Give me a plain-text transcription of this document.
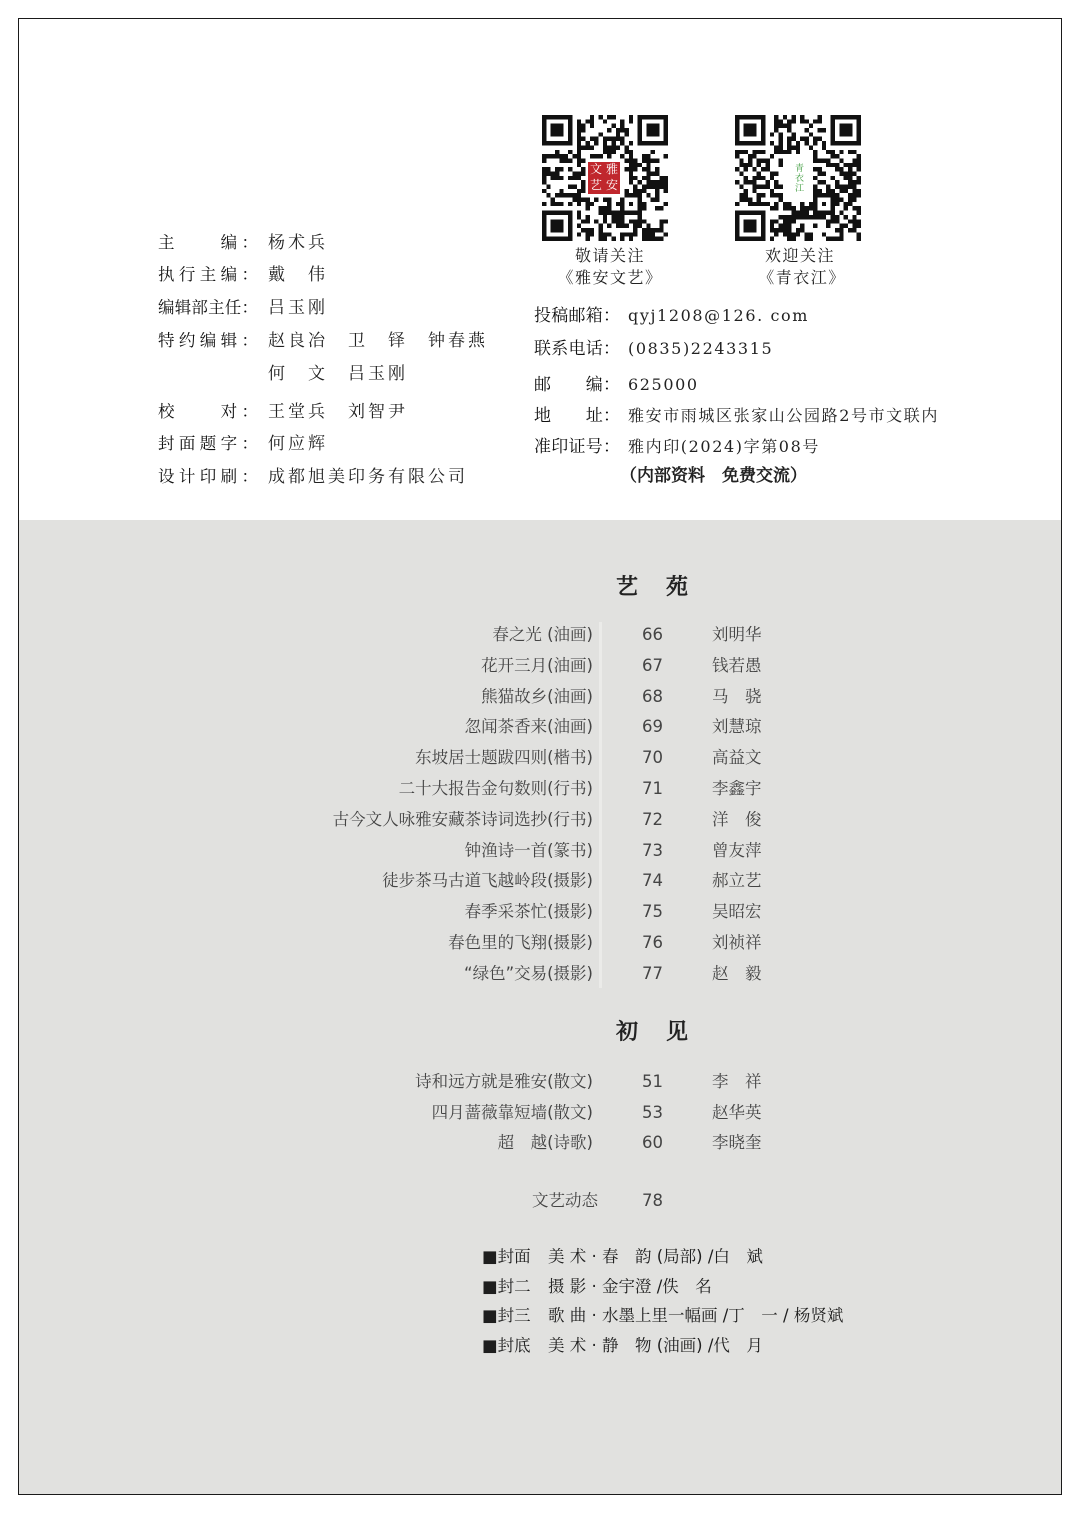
文 雅
艺 安	青衣江
敬请关注
《雅安文艺》
欢迎关注
《青衣江》
主　　编： 杨术兵
执行主编： 戴　伟
编辑部主任： 吕玉刚
特约编辑： 赵良冶　卫　铎　钟春燕
何　文　吕玉刚
校　　对： 王堂兵　刘智尹
封面题字： 何应辉
设计印刷： 成都旭美印务有限公司
投稿邮箱： qyj1208@126. com
联系电话： (0835)2243315
邮　　编： 625000
地　　址： 雅安市雨城区张家山公园路2号市文联内
准印证号： 雅内印(2024)字第08号
（内部资料　免费交流）
艺　苑
春之光 (油画)	66	刘明华
花开三月(油画)	67	钱若愚
熊猫故乡(油画)	68	马　骁
忽闻茶香来(油画)	69	刘慧琼
东坡居士题跋四则(楷书)	70	高益文
二十大报告金句数则(行书)	71	李鑫宇
古今文人咏雅安藏茶诗词选抄(行书)	72	洋　俊
钟渔诗一首(篆书)	73	曾友萍
徒步茶马古道飞越岭段(摄影)	74	郝立艺
春季采茶忙(摄影)	75	吴昭宏
春色里的飞翔(摄影)	76	刘祯祥
“绿色”交易(摄影)	77	赵　毅
初　见
诗和远方就是雅安(散文)	51	李　祥
四月蔷薇靠短墙(散文)	53	赵华英
超　越(诗歌)	60	李晓奎
文艺动态	78
■封面 美 术 · 春　韵 (局部) /白　斌
■封二 摄 影 · 金宇澄 /佚　名
■封三 歌 曲 · 水墨上里一幅画 /丁　一 / 杨贤斌
■封底 美 术 · 静　物 (油画) /代　月
